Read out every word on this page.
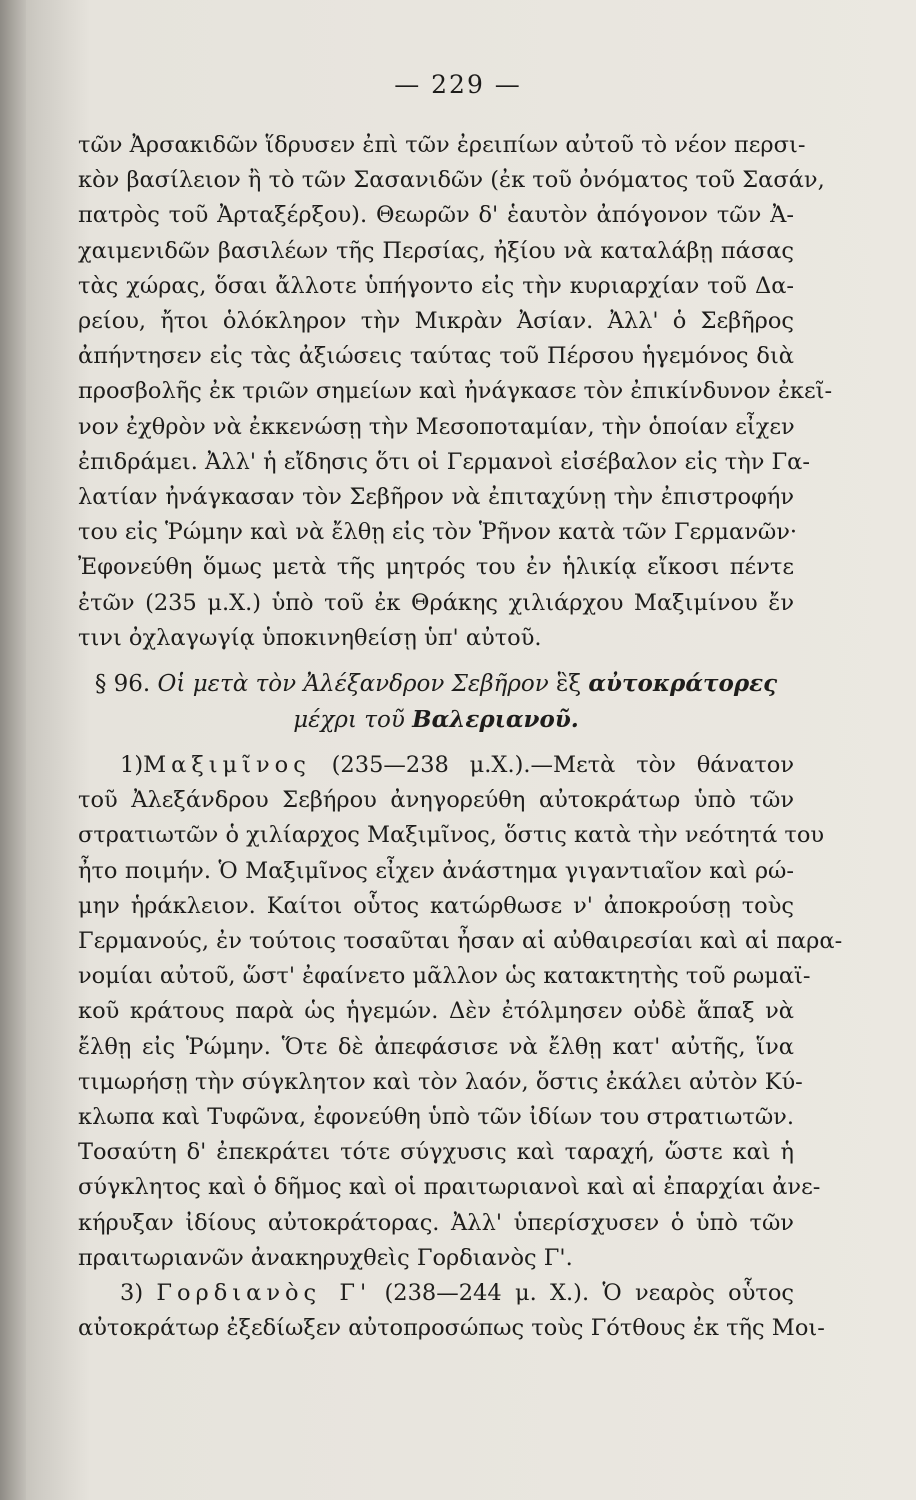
— 229 —
τῶν Ἀρσακιδῶν ἵδρυσεν ἐπὶ τῶν ἐρειπίων αὐτοῦ τὸ νέον περσι-
κὸν βασίλειον ἢ τὸ τῶν Σασανιδῶν (ἐκ τοῦ ὀνόματος τοῦ Σασάν,
πατρὸς τοῦ Ἀρταξέρξου). Θεωρῶν δ' ἑαυτὸν ἀπόγονον τῶν Ἀ-
χαιμενιδῶν βασιλέων τῆς Περσίας, ἠξίου νὰ καταλάβῃ πάσας
τὰς χώρας, ὅσαι ἄλλοτε ὑπήγοντο εἰς τὴν κυριαρχίαν τοῦ Δα-
ρείου, ἤτοι ὁλόκληρον τὴν Μικρὰν Ἀσίαν. Ἀλλ' ὁ Σεβῆρος
ἀπήντησεν εἰς τὰς ἀξιώσεις ταύτας τοῦ Πέρσου ἡγεμόνος διὰ
προσβολῆς ἐκ τριῶν σημείων καὶ ἠνάγκασε τὸν ἐπικίνδυνον ἐκεῖ-
νον ἐχθρὸν νὰ ἐκκενώσῃ τὴν Μεσοποταμίαν, τὴν ὁποίαν εἶχεν
ἐπιδράμει. Ἀλλ' ἡ εἴδησις ὅτι οἱ Γερμανοὶ εἰσέβαλον εἰς τὴν Γα-
λατίαν ἠνάγκασαν τὸν Σεβῆρον νὰ ἐπιταχύνῃ τὴν ἐπιστροφήν
του εἰς Ῥώμην καὶ νὰ ἔλθῃ εἰς τὸν Ῥῆνον κατὰ τῶν Γερμανῶν·
Ἐφονεύθη ὅμως μετὰ τῆς μητρός του ἐν ἡλικίᾳ εἴκοσι πέντε
ἐτῶν (235 μ.Χ.) ὑπὸ τοῦ ἐκ Θράκης χιλιάρχου Μαξιμίνου ἔν
τινι ὀχλαγωγίᾳ ὑποκινηθείσῃ ὑπ' αὐτοῦ.
§ 96. Οἱ μετὰ τὸν Ἀλέξανδρον Σεβῆρον ἓξ αὐτοκράτορες
μέχρι τοῦ Βαλεριανοῦ.
1)Μαξιμῖνος (235—238 μ.Χ.).—Μετὰ τὸν θάνατον
τοῦ Ἀλεξάνδρου Σεβήρου ἀνηγορεύθη αὐτοκράτωρ ὑπὸ τῶν
στρατιωτῶν ὁ χιλίαρχος Μαξιμῖνος, ὅστις κατὰ τὴν νεότητά του
ἦτο ποιμήν. Ὁ Μαξιμῖνος εἶχεν ἀνάστημα γιγαντιαῖον καὶ ρώ-
μην ἡράκλειον. Καίτοι οὗτος κατώρθωσε ν' ἀποκρούσῃ τοὺς
Γερμανούς, ἐν τούτοις τοσαῦται ἦσαν αἱ αὐθαιρεσίαι καὶ αἱ παρα-
νομίαι αὐτοῦ, ὥστ' ἐφαίνετο μᾶλλον ὡς κατακτητὴς τοῦ ρωμαϊ-
κοῦ κράτους παρὰ ὡς ἡγεμών. Δὲν ἐτόλμησεν οὐδὲ ἅπαξ νὰ
ἔλθῃ εἰς Ῥώμην. Ὅτε δὲ ἀπεφάσισε νὰ ἔλθῃ κατ' αὐτῆς, ἵνα
τιμωρήσῃ τὴν σύγκλητον καὶ τὸν λαόν, ὅστις ἐκάλει αὐτὸν Κύ-
κλωπα καὶ Τυφῶνα, ἐφονεύθη ὑπὸ τῶν ἰδίων του στρατιωτῶν.
Τοσαύτη δ' ἐπεκράτει τότε σύγχυσις καὶ ταραχή, ὥστε καὶ ἡ
σύγκλητος καὶ ὁ δῆμος καὶ οἱ πραιτωριανοὶ καὶ αἱ ἐπαρχίαι ἀνε-
κήρυξαν ἰδίους αὐτοκράτορας. Ἀλλ' ὑπερίσχυσεν ὁ ὑπὸ τῶν
πραιτωριανῶν ἀνακηρυχθεὶς Γορδιανὸς Γ'.
3) Γορδιανὸς Γ' (238—244 μ. Χ.). Ὁ νεαρὸς οὗτος
αὐτοκράτωρ ἐξεδίωξεν αὐτοπροσώπως τοὺς Γότθους ἐκ τῆς Μοι-
